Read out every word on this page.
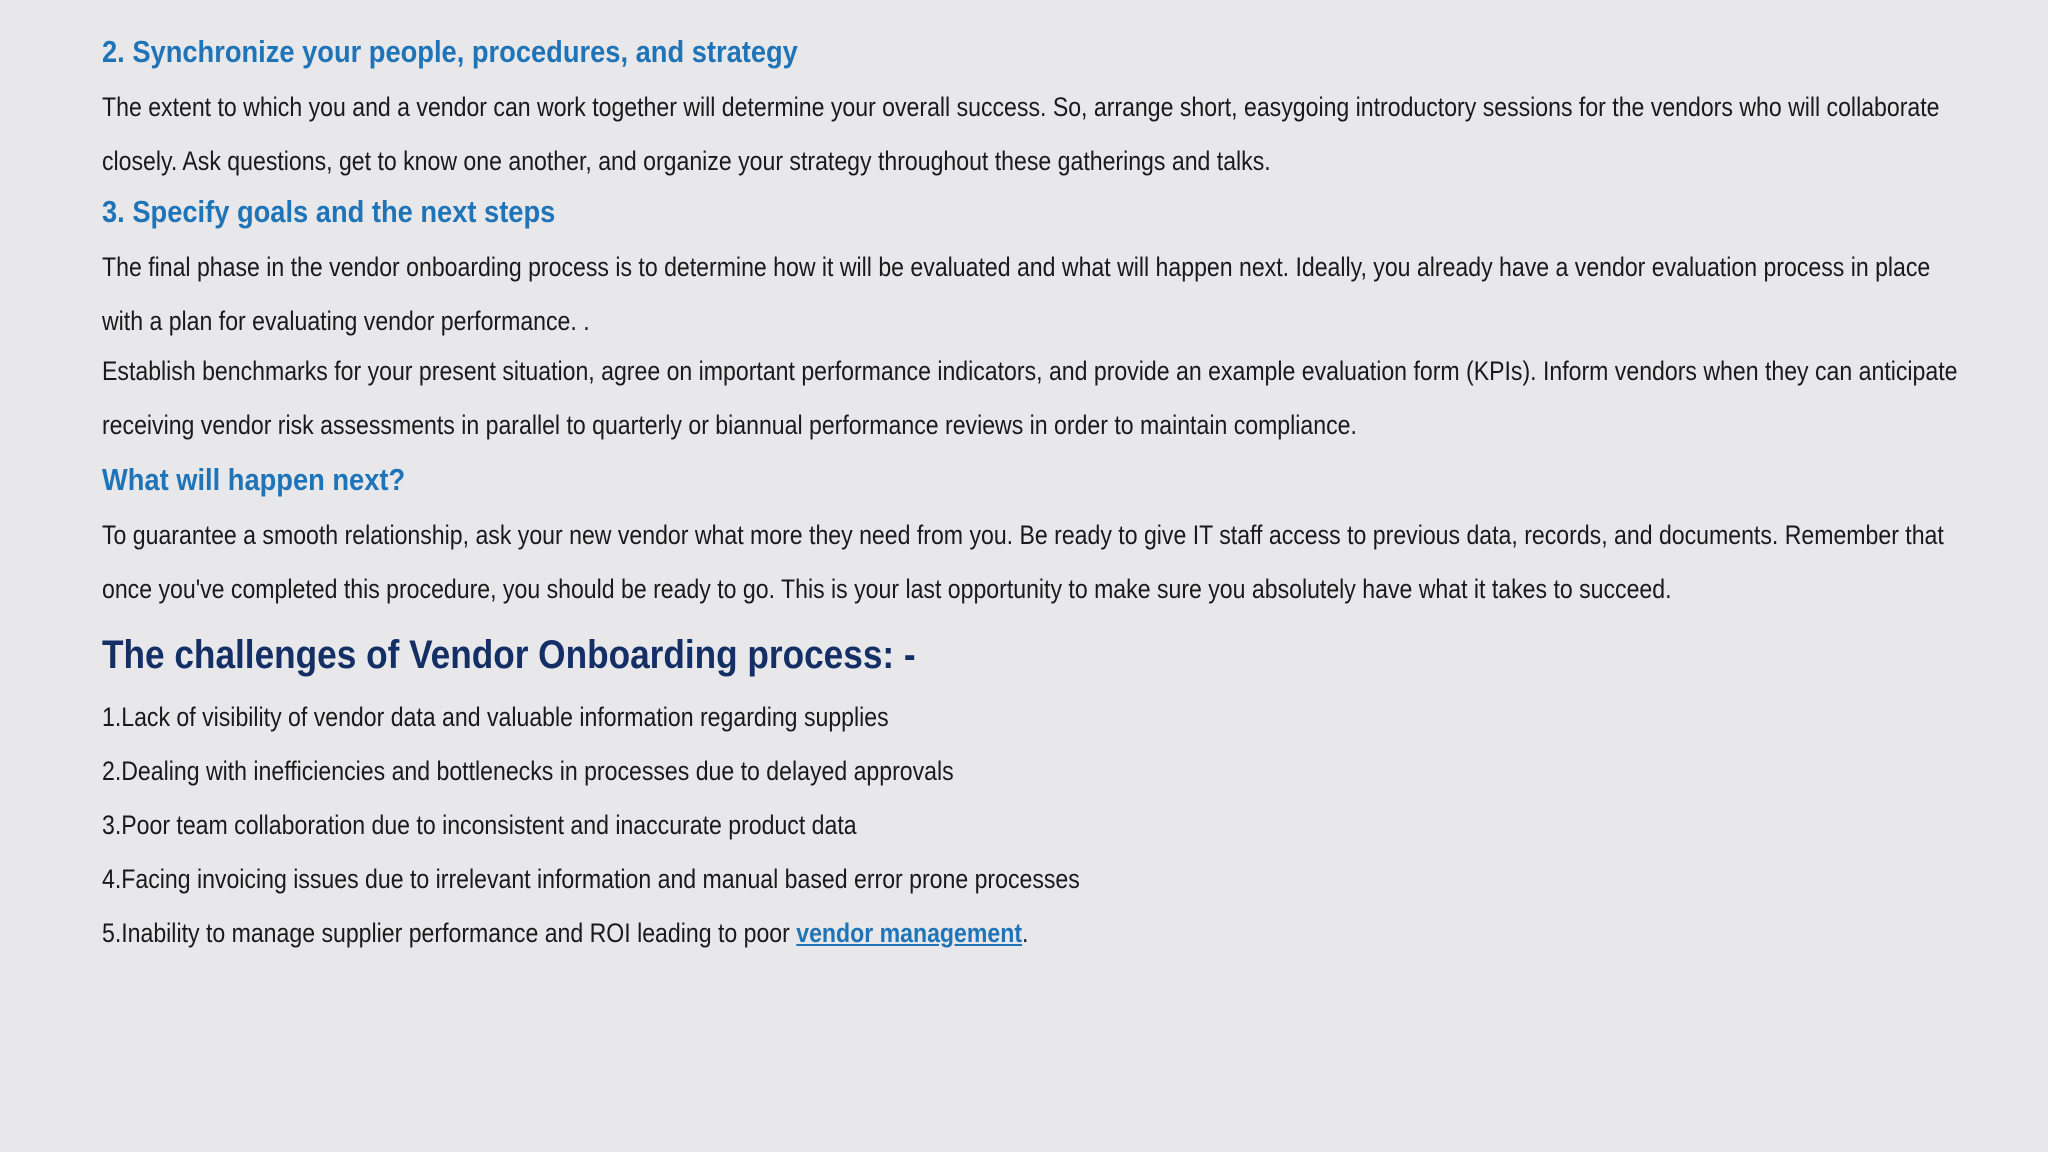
2. Synchronize your people, procedures, and strategy

The extent to which you and a vendor can work together will determine your overall success. So, arrange short, easygoing introductory sessions for the vendors who will collaborate closely. Ask questions, get to know one another, and organize your strategy throughout these gatherings and talks.

3. Specify goals and the next steps

The final phase in the vendor onboarding process is to determine how it will be evaluated and what will happen next. Ideally, you already have a vendor evaluation process in place with a plan for evaluating vendor performance. .

Establish benchmarks for your present situation, agree on important performance indicators, and provide an example evaluation form (KPIs). Inform vendors when they can anticipate receiving vendor risk assessments in parallel to quarterly or biannual performance reviews in order to maintain compliance.

What will happen next?

To guarantee a smooth relationship, ask your new vendor what more they need from you. Be ready to give IT staff access to previous data, records, and documents. Remember that once you've completed this procedure, you should be ready to go. This is your last opportunity to make sure you absolutely have what it takes to succeed.

The challenges of Vendor Onboarding process: -
1.Lack of visibility of vendor data and valuable information regarding supplies
2.Dealing with inefficiencies and bottlenecks in processes due to delayed approvals
3.Poor team collaboration due to inconsistent and inaccurate product data
4.Facing invoicing issues due to irrelevant information and manual based error prone processes
5.Inability to manage supplier performance and ROI leading to poor vendor management.
